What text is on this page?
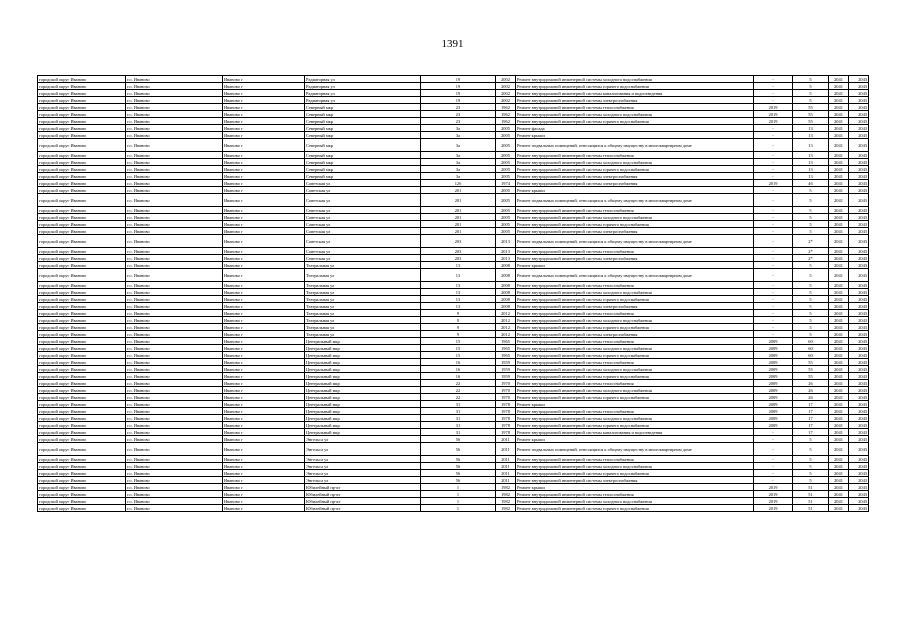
1391
городской округ Иваново	г.о. Иваново	Иваново г	Радиаторная ул	19	2002	Ремонт внутридомовой инженерной системы холодного водоснабжения	-	5	2041	2043
городской округ Иваново	г.о. Иваново	Иваново г	Радиаторная ул	19	2002	Ремонт внутридомовой инженерной системы горячего водоснабжения	-	5	2041	2043
городской округ Иваново	г.о. Иваново	Иваново г	Радиаторная ул	19	2002	Ремонт внутридомовой инженерной системы канализования и водоотведения	-	5	2041	2043
городской округ Иваново	г.о. Иваново	Иваново г	Радиаторная ул	19	2002	Ремонт внутридомовой инженерной системы электроснабжения	-	5	2041	2043
городской округ Иваново	г.о. Иваново	Иваново г	Северный мкр	23	1962	Ремонт внутридомовой инженерной системы теплоснабжения	2019	55	2041	2043
городской округ Иваново	г.о. Иваново	Иваново г	Северный мкр	23	1962	Ремонт внутридомовой инженерной системы холодного водоснабжения	2019	55	2041	2043
городской округ Иваново	г.о. Иваново	Иваново г	Северный мкр	23	1962	Ремонт внутридомовой инженерной системы горячего водоснабжения	2019	55	2041	2043
городской округ Иваново	г.о. Иваново	Иваново г	Северный мкр	3а	2005	Ремонт фасада	-	13	2041	2043
городской округ Иваново	г.о. Иваново	Иваново г	Северный мкр	3а	2005	Ремонт крыши	-	13	2041	2043
городской округ Иваново	г.о. Иваново	Иваново г	Северный мкр	3а	2005	Ремонт подвальных помещений, относящихся к общему имуществу в многоквартирном доме	-	13	2041	2043
городской округ Иваново	г.о. Иваново	Иваново г	Северный мкр	3а	2005	Ремонт внутридомовой инженерной системы теплоснабжения	-	13	2041	2043
городской округ Иваново	г.о. Иваново	Иваново г	Северный мкр	3а	2005	Ремонт внутридомовой инженерной системы холодного водоснабжения	-	13	2041	2043
городской округ Иваново	г.о. Иваново	Иваново г	Северный мкр	3а	2005	Ремонт внутридомовой инженерной системы горячего водоснабжения	-	13	2041	2043
городской округ Иваново	г.о. Иваново	Иваново г	Северный мкр	3а	2005	Ремонт внутридомовой инженерной системы электроснабжения	-	13	2041	2043
городской округ Иваново	г.о. Иваново	Иваново г	Советская ул	12б	1974	Ремонт внутридомовой инженерной системы электроснабжения	2019	46	2041	2043
городской округ Иваново	г.о. Иваново	Иваново г	Советская ул	201	2005	Ремонт крыши	-	5	2041	2043
городской округ Иваново	г.о. Иваново	Иваново г	Советская ул	201	2005	Ремонт подвальных помещений, относящихся к общему имуществу в многоквартирном доме	-	5	2041	2043
городской округ Иваново	г.о. Иваново	Иваново г	Советская ул	201	2005	Ремонт внутридомовой инженерной системы теплоснабжения	-	5	2041	2043
городской округ Иваново	г.о. Иваново	Иваново г	Советская ул	201	2005	Ремонт внутридомовой инженерной системы холодного водоснабжения	-	5	2041	2043
городской округ Иваново	г.о. Иваново	Иваново г	Советская ул	201	2005	Ремонт внутридомовой инженерной системы горячего водоснабжения	-	5	2041	2043
городской округ Иваново	г.о. Иваново	Иваново г	Советская ул	201	2005	Ремонт внутридомовой инженерной системы электроснабжения	-	5	2041	2043
городской округ Иваново	г.о. Иваново	Иваново г	Советская ул	203	2013	Ремонт подвальных помещений, относящихся к общему имуществу в многоквартирном доме	-	2*	2041	2043
городской округ Иваново	г.о. Иваново	Иваново г	Советская ул	203	2013	Ремонт внутридомовой инженерной системы теплоснабжения	-	2*	2041	2043
городской округ Иваново	г.о. Иваново	Иваново г	Советская ул	203	2013	Ремонт внутридомовой инженерной системы электроснабжения	-	2*	2041	2043
городской округ Иваново	г.о. Иваново	Иваново г	Театральная ул	13	2008	Ремонт крыши	-	5	2041	2043
городской округ Иваново	г.о. Иваново	Иваново г	Театральная ул	13	2008	Ремонт подвальных помещений, относящихся к общему имуществу в многоквартирном доме	-	5	2041	2043
городской округ Иваново	г.о. Иваново	Иваново г	Театральная ул	13	2008	Ремонт внутридомовой инженерной системы теплоснабжения	-	5	2041	2043
городской округ Иваново	г.о. Иваново	Иваново г	Театральная ул	13	2008	Ремонт внутридомовой инженерной системы холодного водоснабжения	-	5	2041	2043
городской округ Иваново	г.о. Иваново	Иваново г	Театральная ул	13	2008	Ремонт внутридомовой инженерной системы горячего водоснабжения	-	5	2041	2043
городской округ Иваново	г.о. Иваново	Иваново г	Театральная ул	13	2008	Ремонт внутридомовой инженерной системы электроснабжения	-	5	2041	2043
городской округ Иваново	г.о. Иваново	Иваново г	Театральная ул	9	2012	Ремонт внутридомовой инженерной системы теплоснабжения	-	5	2041	2043
городской округ Иваново	г.о. Иваново	Иваново г	Театральная ул	9	2012	Ремонт внутридомовой инженерной системы холодного водоснабжения	-	5	2041	2043
городской округ Иваново	г.о. Иваново	Иваново г	Театральная ул	9	2012	Ремонт внутридомовой инженерной системы горячего водоснабжения	-	5	2041	2043
городской округ Иваново	г.о. Иваново	Иваново г	Театральная ул	9	2012	Ремонт внутридомовой инженерной системы электроснабжения	-	5	2041	2043
городской округ Иваново	г.о. Иваново	Иваново г	Центральный мкр	15	1965	Ремонт внутридомовой инженерной системы теплоснабжения	2009	60	2041	2043
городской округ Иваново	г.о. Иваново	Иваново г	Центральный мкр	15	1965	Ремонт внутридомовой инженерной системы холодного водоснабжения	2009	60	2041	2043
городской округ Иваново	г.о. Иваново	Иваново г	Центральный мкр	15	1965	Ремонт внутридомовой инженерной системы горячего водоснабжения	2009	60	2041	2043
городской округ Иваново	г.о. Иваново	Иваново г	Центральный мкр	16	1959	Ремонт внутридомовой инженерной системы теплоснабжения	2009	55	2041	2043
городской округ Иваново	г.о. Иваново	Иваново г	Центральный мкр	16	1959	Ремонт внутридомовой инженерной системы холодного водоснабжения	2009	55	2041	2043
городской округ Иваново	г.о. Иваново	Иваново г	Центральный мкр	16	1959	Ремонт внутридомовой инженерной системы горячего водоснабжения	2009	55	2041	2043
городской округ Иваново	г.о. Иваново	Иваново г	Центральный мкр	22	1970	Ремонт внутридомовой инженерной системы теплоснабжения	2009	26	2041	2043
городской округ Иваново	г.о. Иваново	Иваново г	Центральный мкр	22	1970	Ремонт внутридомовой инженерной системы холодного водоснабжения	2009	26	2041	2043
городской округ Иваново	г.о. Иваново	Иваново г	Центральный мкр	22	1970	Ремонт внутридомовой инженерной системы горячего водоснабжения	2009	26	2041	2043
городской округ Иваново	г.о. Иваново	Иваново г	Центральный мкр	31	1978	Ремонт крыши	2009	17	2041	2043
городской округ Иваново	г.о. Иваново	Иваново г	Центральный мкр	31	1978	Ремонт внутридомовой инженерной системы теплоснабжения	2009	17	2041	2043
городской округ Иваново	г.о. Иваново	Иваново г	Центральный мкр	31	1978	Ремонт внутридомовой инженерной системы холодного водоснабжения	2009	17	2041	2043
городской округ Иваново	г.о. Иваново	Иваново г	Центральный мкр	31	1978	Ремонт внутридомовой инженерной системы горячего водоснабжения	2009	17	2041	2043
городской округ Иваново	г.о. Иваново	Иваново г	Центральный мкр	31	1978	Ремонт внутридомовой инженерной системы канализования и водоотведения	-	17	2041	2043
городской округ Иваново	г.о. Иваново	Иваново г	Энгельса ул	56	2011	Ремонт крыши	-	5	2041	2043
городской округ Иваново	г.о. Иваново	Иваново г	Энгельса ул	56	2011	Ремонт подвальных помещений, относящихся к общему имуществу в многоквартирном доме	-	5	2041	2043
городской округ Иваново	г.о. Иваново	Иваново г	Энгельса ул	56	2011	Ремонт внутридомовой инженерной системы теплоснабжения	-	5	2041	2043
городской округ Иваново	г.о. Иваново	Иваново г	Энгельса ул	56	2011	Ремонт внутридомовой инженерной системы холодного водоснабжения	-	5	2041	2043
городской округ Иваново	г.о. Иваново	Иваново г	Энгельса ул	56	2011	Ремонт внутридомовой инженерной системы горячего водоснабжения	-	5	2041	2043
городской округ Иваново	г.о. Иваново	Иваново г	Энгельса ул	56	2011	Ремонт внутридомовой инженерной системы электроснабжения	-	5	2041	2043
городской округ Иваново	г.о. Иваново	Иваново г	Юбилейный пр-кт	1	1982	Ремонт крыши	2019	51	2041	2043
городской округ Иваново	г.о. Иваново	Иваново г	Юбилейный пр-кт	1	1982	Ремонт внутридомовой инженерной системы теплоснабжения	2019	51	2041	2043
городской округ Иваново	г.о. Иваново	Иваново г	Юбилейный пр-кт	1	1982	Ремонт внутридомовой инженерной системы холодного водоснабжения	2019	51	2041	2043
городской округ Иваново	г.о. Иваново	Иваново г	Юбилейный пр-кт	1	1982	Ремонт внутридомовой инженерной системы горячего водоснабжения	2019	51	2041	2043
